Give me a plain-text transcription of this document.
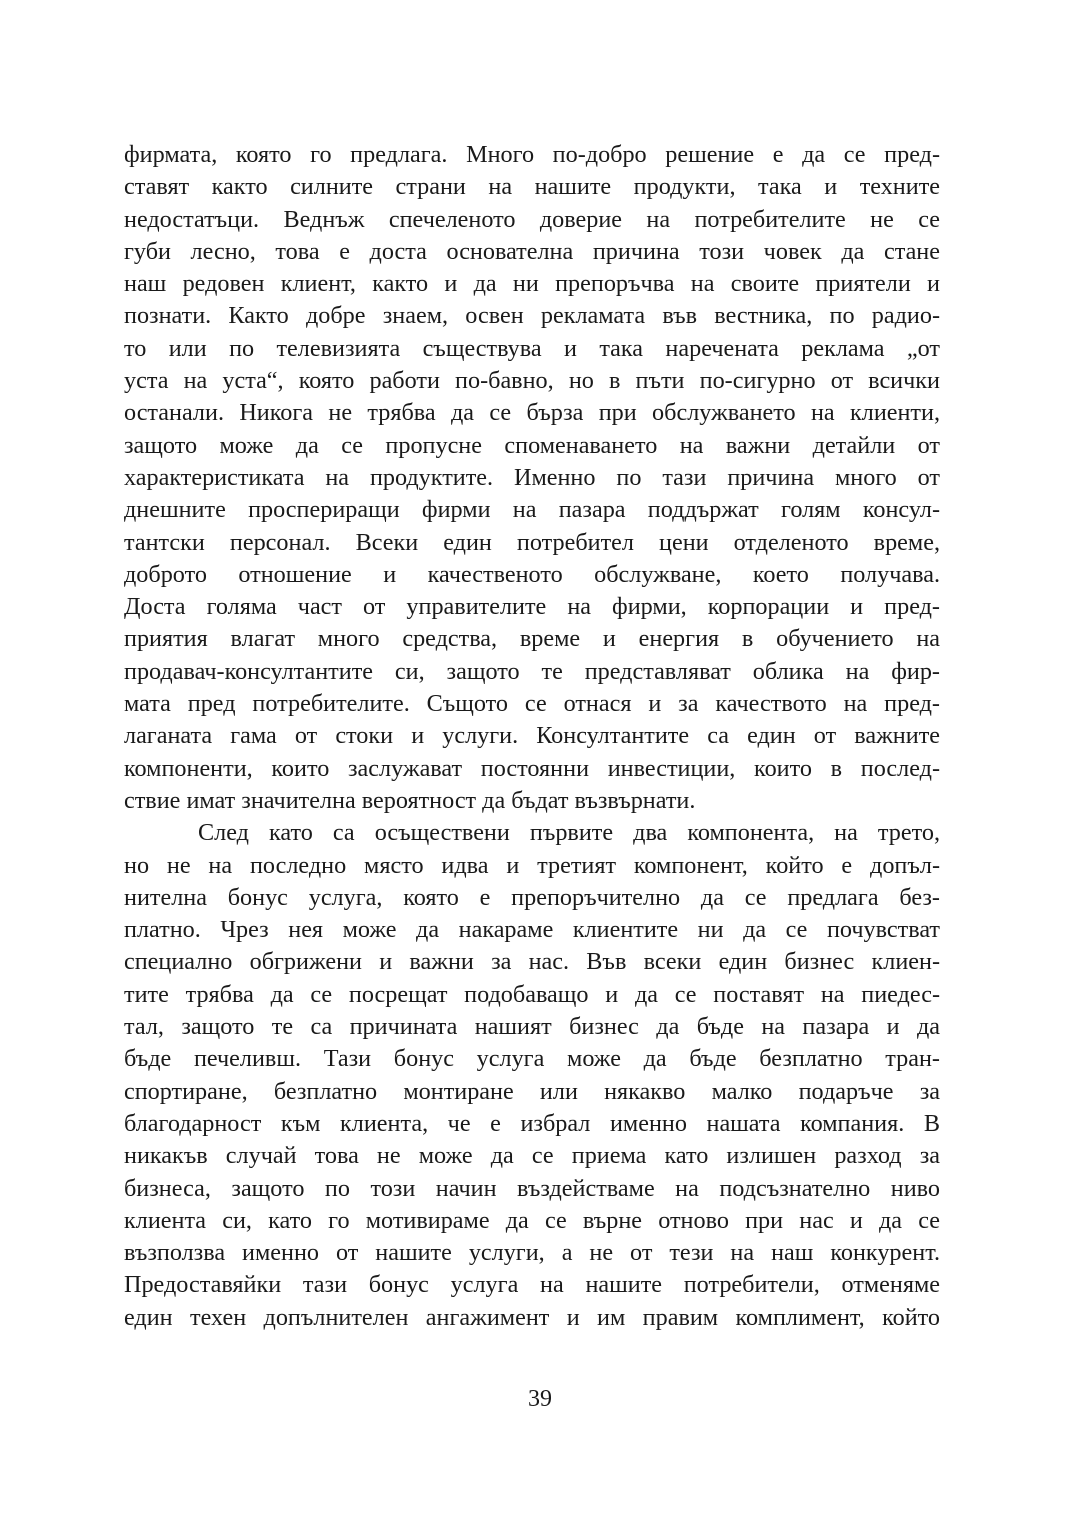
фирмата, която го предлага. Много по-добро решение е да се пред-
ставят както силните страни на нашите продукти, така и техните
недостатъци. Веднъж спечеленото доверие на потребителите не се
губи лесно, това е доста основателна причина този човек да стане
наш редовен клиент, както и да ни препоръчва на своите приятели и
познати. Както добре знаем, освен рекламата във вестника, по радио-
то или по телевизията съществува и така наречената реклама „от
уста на уста“, която работи по-бавно, но в пъти по-сигурно от всички
останали. Никога не трябва да се бърза при обслужването на клиенти,
защото може да се пропусне споменаването на важни детайли от
характеристиката на продуктите. Именно по тази причина много от
днешните проспериращи фирми на пазара поддържат голям консул-
тантски персонал. Всеки един потребител цени отделеното време,
доброто отношение и качественото обслужване, което получава.
Доста голяма част от управителите на фирми, корпорации и пред-
приятия влагат много средства, време и енергия в обучението на
продавач-консултантите си, защото те представляват облика на фир-
мата пред потребителите. Същото се отнася и за качеството на пред-
лаганата гама от стоки и услуги. Консултантите са един от важните
компоненти, които заслужават постоянни инвестиции, които в послед-
ствие имат значителна вероятност да бъдат възвърнати.
След като са осъществени първите два компонента, на трето,
но не на последно място идва и третият компонент, който е допъл-
нителна бонус услуга, която е препоръчително да се предлага без-
платно. Чрез нея може да накараме клиентите ни да се почувстват
специално обгрижени и важни за нас. Във всеки един бизнес клиен-
тите трябва да се посрещат подобаващо и да се поставят на пиедес-
тал, защото те са причината нашият бизнес да бъде на пазара и да
бъде печеливш. Тази бонус услуга може да бъде безплатно тран-
спортиране, безплатно монтиране или някакво малко подаръче за
благодарност към клиента, че е избрал именно нашата компания. В
никакъв случай това не може да се приема като излишен разход за
бизнеса, защото по този начин въздействаме на подсъзнателно ниво
клиента си, като го мотивираме да се върне отново при нас и да се
възползва именно от нашите услуги, а не от тези на наш конкурент.
Предоставяйки тази бонус услуга на нашите потребители, отменяме
един техен допълнителен ангажимент и им правим комплимент, който
39
